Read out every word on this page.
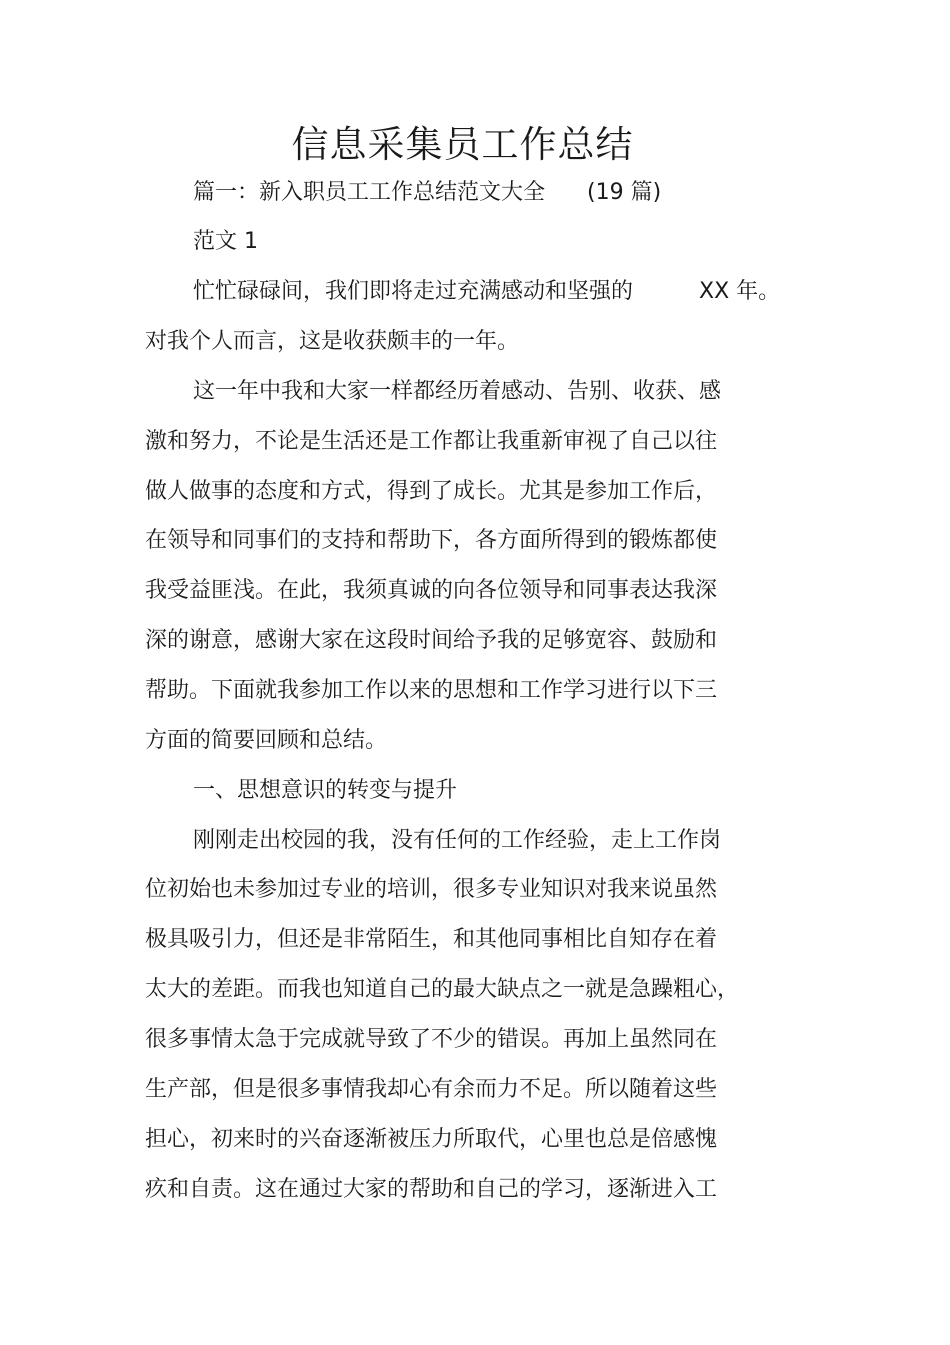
信息采集员工作总结

篇一：新入职员工工作总结范文大全 (19 篇)

范文 1

忙忙碌碌间，我们即将走过充满感动和坚强的	XX 年。

对我个人而言，这是收获颇丰的一年。

这一年中我和大家一样都经历着感动、告别、收获、感

激和努力，不论是生活还是工作都让我重新审视了自己以往

做人做事的态度和方式，得到了成长。尤其是参加工作后，

在领导和同事们的支持和帮助下，各方面所得到的锻炼都使

我受益匪浅。在此，我须真诚的向各位领导和同事表达我深

深的谢意，感谢大家在这段时间给予我的足够宽容、鼓励和

帮助。下面就我参加工作以来的思想和工作学习进行以下三

方面的简要回顾和总结。

一、思想意识的转变与提升

刚刚走出校园的我，没有任何的工作经验，走上工作岗

位初始也未参加过专业的培训，很多专业知识对我来说虽然

极具吸引力，但还是非常陌生，和其他同事相比自知存在着

太大的差距。而我也知道自己的最大缺点之一就是急躁粗心，

很多事情太急于完成就导致了不少的错误。再加上虽然同在

生产部，但是很多事情我却心有余而力不足。所以随着这些

担心，初来时的兴奋逐渐被压力所取代，心里也总是倍感愧

疚和自责。这在通过大家的帮助和自己的学习，逐渐进入工
